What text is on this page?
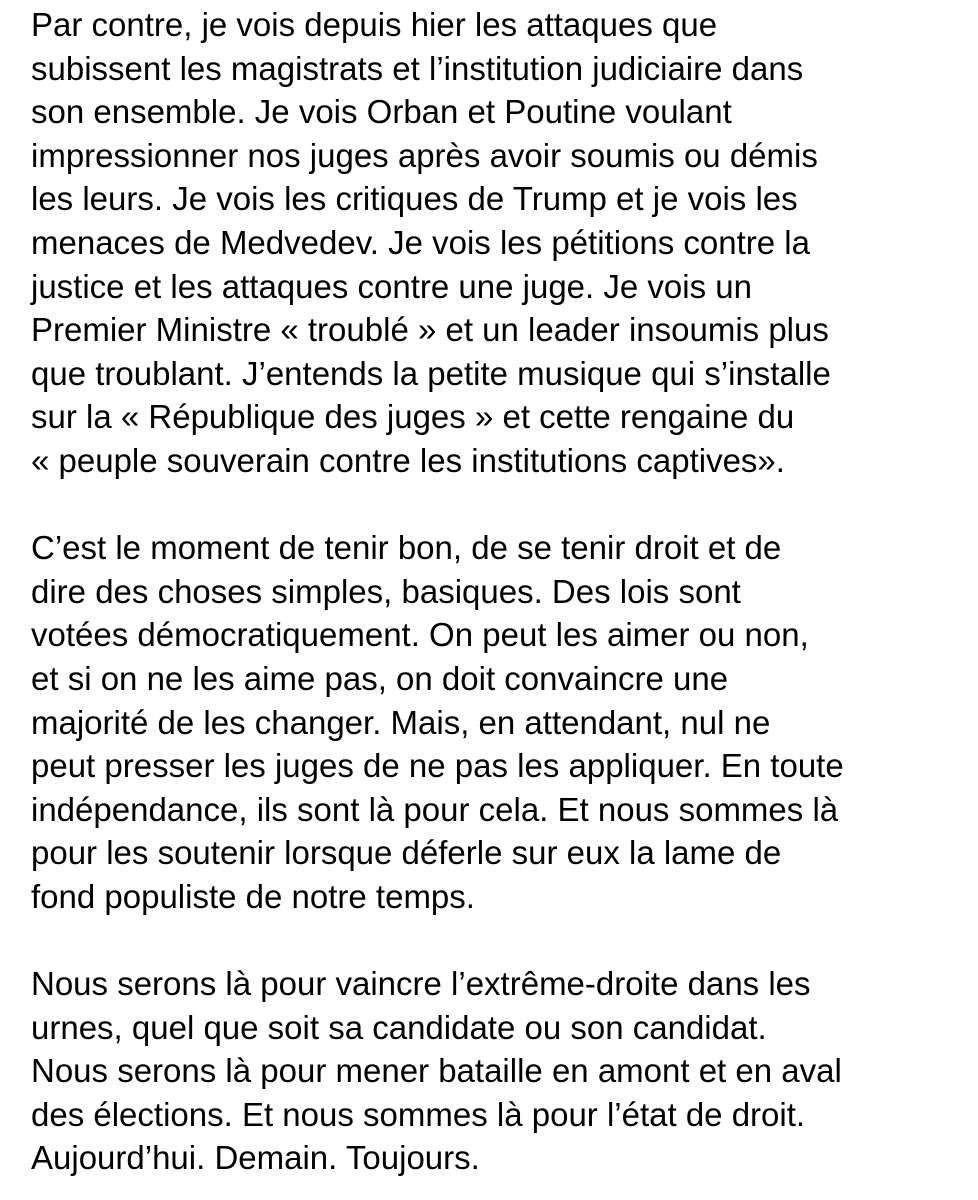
Par contre, je vois depuis hier les attaques que
subissent les magistrats et l’institution judiciaire dans
son ensemble. Je vois Orban et Poutine voulant
impressionner nos juges après avoir soumis ou démis
les leurs. Je vois les critiques de Trump et je vois les
menaces de Medvedev. Je vois les pétitions contre la
justice et les attaques contre une juge. Je vois un
Premier Ministre « troublé » et un leader insoumis plus
que troublant. J’entends la petite musique qui s’installe
sur la « République des juges » et cette rengaine du
« peuple souverain contre les institutions captives».

C’est le moment de tenir bon, de se tenir droit et de
dire des choses simples, basiques. Des lois sont
votées démocratiquement. On peut les aimer ou non,
et si on ne les aime pas, on doit convaincre une
majorité de les changer. Mais, en attendant, nul ne
peut presser les juges de ne pas les appliquer. En toute
indépendance, ils sont là pour cela. Et nous sommes là
pour les soutenir lorsque déferle sur eux la lame de
fond populiste de notre temps.

Nous serons là pour vaincre l’extrême-droite dans les
urnes, quel que soit sa candidate ou son candidat.
Nous serons là pour mener bataille en amont et en aval
des élections. Et nous sommes là pour l’état de droit.
Aujourd’hui. Demain. Toujours.
